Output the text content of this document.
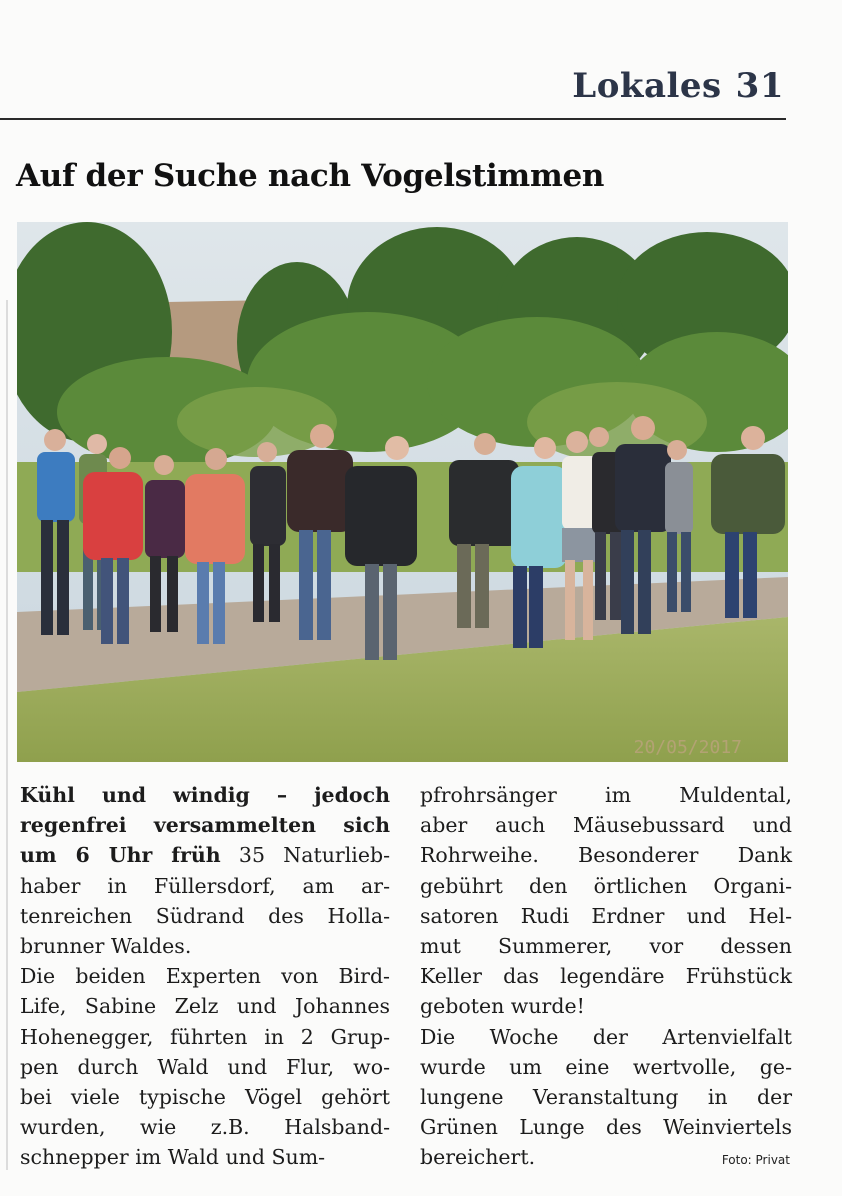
Lokales 31
Auf der Suche nach Vogelstimmen
20/05/2017
Kühl und windig – jedoch
regenfrei versammelten sich
um 6 Uhr früh 35 Naturlieb-
haber in Füllersdorf, am ar-
tenreichen Südrand des Holla-
brunner Waldes.
Die beiden Experten von Bird-
Life, Sabine Zelz und Johannes
Hohenegger, führten in 2 Grup-
pen durch Wald und Flur, wo-
bei viele typische Vögel gehört
wurden, wie z.B. Halsband-
schnepper im Wald und Sum-
pfrohrsänger im Muldental,
aber auch Mäusebussard und
Rohrweihe. Besonderer Dank
gebührt den örtlichen Organi-
satoren Rudi Erdner und Hel-
mut Summerer, vor dessen
Keller das legendäre Frühstück
geboten wurde!
Die Woche der Artenvielfalt
wurde um eine wertvolle, ge-
lungene Veranstaltung in der
Grünen Lunge des Weinviertels
bereichert.	Foto: Privat
